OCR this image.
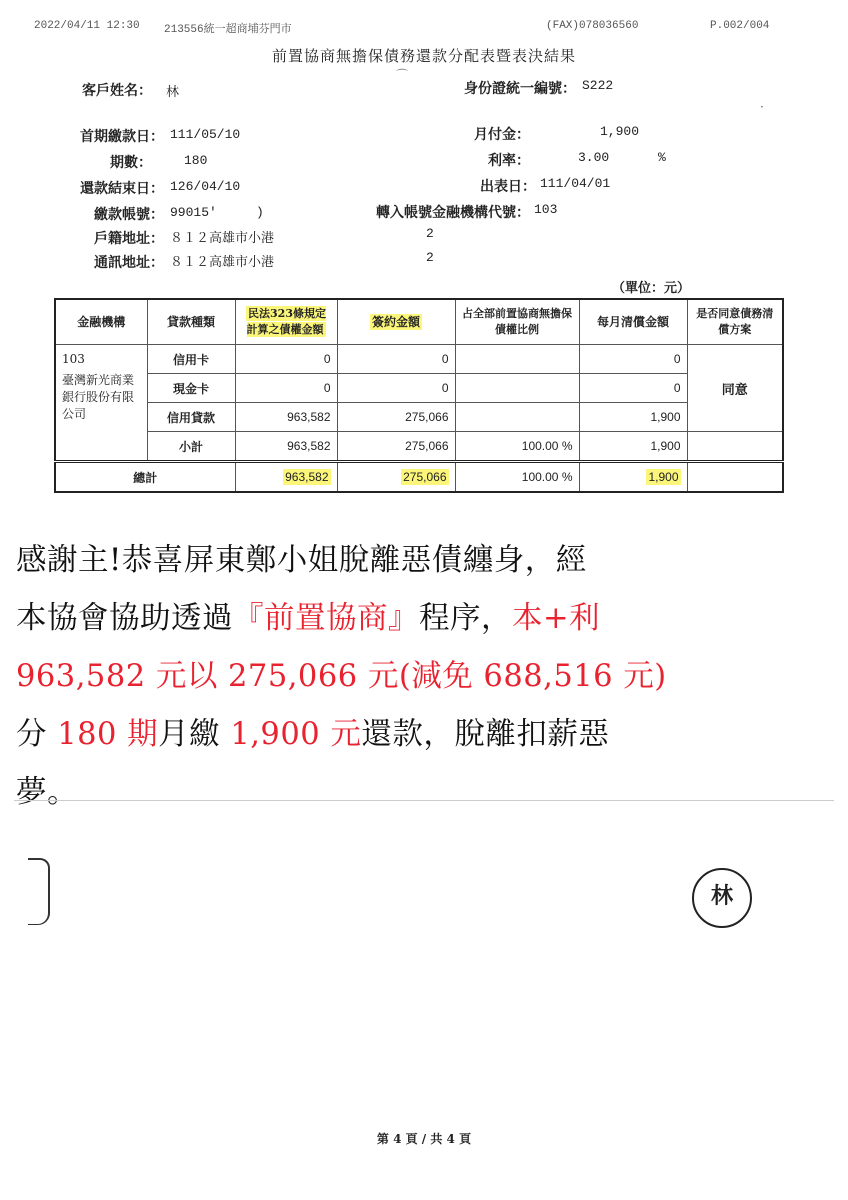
2022/04/11 12:30 213556統一超商埔芬門市	(FAX)078036560	P.002/004
前置協商無擔保債務還款分配表暨表決結果
客戶姓名： 林	身份證統一編號： S222
首期繳款日： 111/05/10	月付金：	1,900
期數： 180	利率：	3.00	%
還款結束日： 126/04/10	出表日： 111/04/01
繳款帳號： 99015'	)	轉入帳號金融機構代號： 103
戶籍地址： ８１２高雄市小港	2
通訊地址： ８１２高雄市小港	2
（單位：元）
金融機構	貸款種類	民法323條規定計算之債權金額	簽約金額	占全部前置協商無擔保債權比例	每月清償金額	是否同意債務清償方案

103
臺灣新光商業銀行股份有限公司	信用卡	0	0		0	同意
	現金卡	0	0		0	
	信用貸款	963,582	275,066		1,900	
	小計	963,582	275,066	100.00 %	1,900	
總計		963,582	275,066	100.00 %	1,900	
感謝主!恭喜屏東鄭小姐脫離惡債纏身，經
本協會協助透過『前置協商』程序，本+利
963,582 元以 275,066 元(減免 688,516 元)
分 180 期月繳 1,900 元還款，脫離扣薪惡
夢。
林
⌒
·
第 4 頁 / 共 4 頁
